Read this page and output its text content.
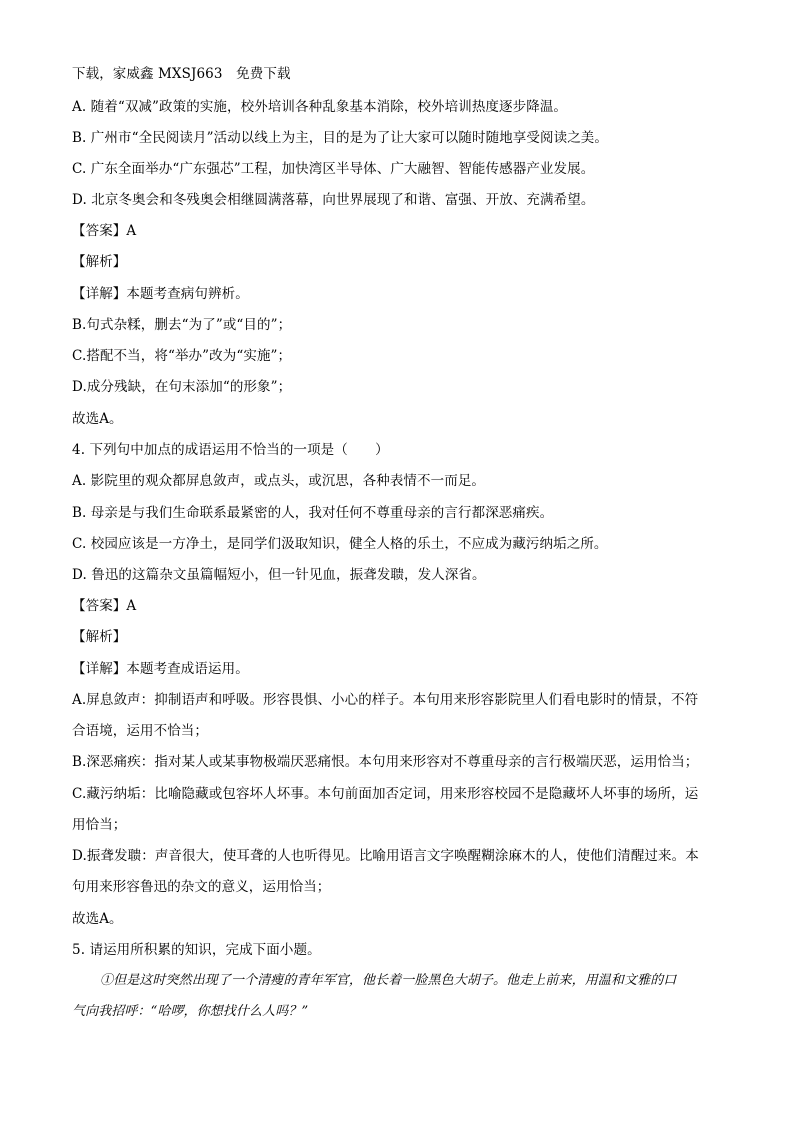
下载，家威鑫 MXSJ663　免费下载
A. 随着“双减”政策的实施，校外培训各种乱象基本消除，校外培训热度逐步降温。
B. 广州市“全民阅读月”活动以线上为主，目的是为了让大家可以随时随地享受阅读之美。
C. 广东全面举办“广东强芯”工程，加快湾区半导体、广大融智、智能传感器产业发展。
D. 北京冬奥会和冬残奥会相继圆满落幕，向世界展现了和谐、富强、开放、充满希望。
【答案】A
【解析】
【详解】本题考查病句辨析。
B.句式杂糅，删去“为了”或“目的”；
C.搭配不当，将“举办”改为“实施”；
D.成分残缺，在句末添加“的形象”；
故选A。
4. 下列句中加点的成语运用不恰当的一项是（　　）
A. 影院里的观众都屏息敛声，或点头，或沉思，各种表情不一而足。
B. 母亲是与我们生命联系最紧密的人，我对任何不尊重母亲的言行都深恶痛疾。
C. 校园应该是一方净土，是同学们汲取知识，健全人格的乐土，不应成为藏污纳垢之所。
D. 鲁迅的这篇杂文虽篇幅短小，但一针见血，振聋发聩，发人深省。
【答案】A
【解析】
【详解】本题考查成语运用。
A.屏息敛声：抑制语声和呼吸。形容畏惧、小心的样子。本句用来形容影院里人们看电影时的情景，不符
合语境，运用不恰当；
B.深恶痛疾：指对某人或某事物极端厌恶痛恨。本句用来形容对不尊重母亲的言行极端厌恶，运用恰当；
C.藏污纳垢：比喻隐藏或包容坏人坏事。本句前面加否定词，用来形容校园不是隐藏坏人坏事的场所，运
用恰当；
D.振聋发聩：声音很大，使耳聋的人也听得见。比喻用语言文字唤醒糊涂麻木的人，使他们清醒过来。本
句用来形容鲁迅的杂文的意义，运用恰当；
故选A。
5. 请运用所积累的知识，完成下面小题。
①但是这时突然出现了一个清瘦的青年军官，他长着一脸黑色大胡子。他走上前来，用温和文雅的口
气向我招呼：“哈啰，你想找什么人吗？”
